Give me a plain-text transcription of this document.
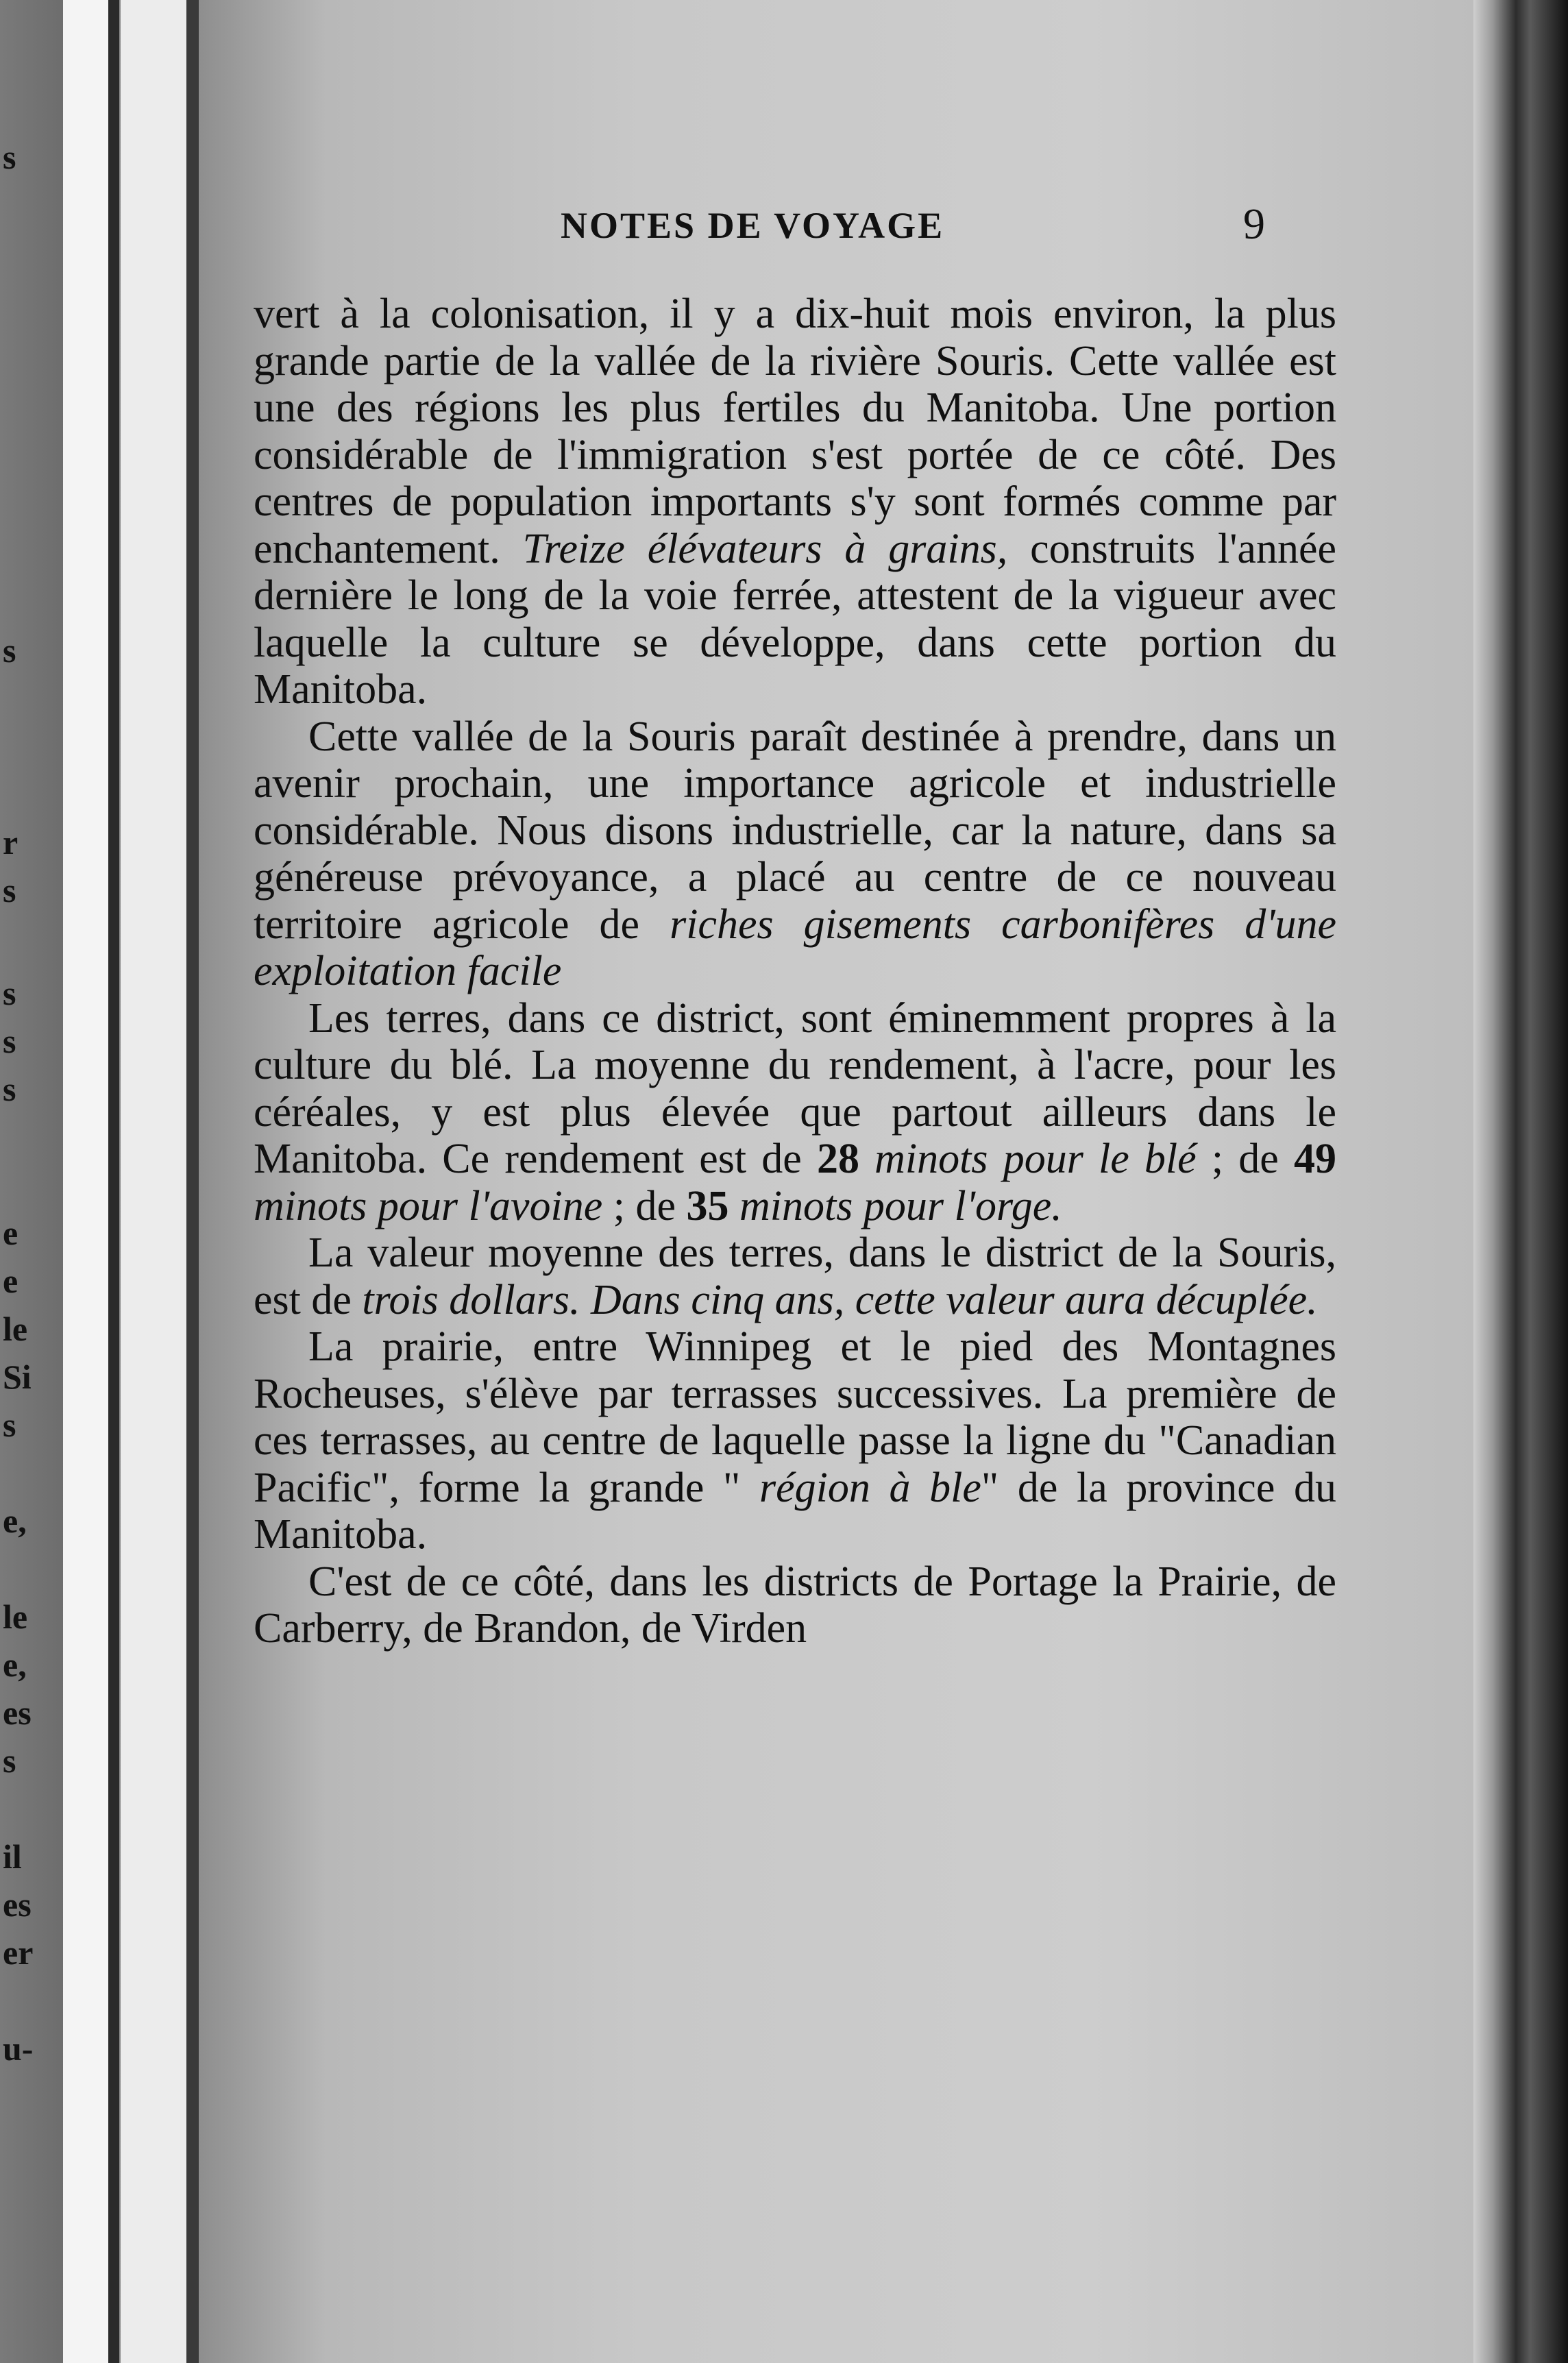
s
s
r
s
s
s
s
e
e
le
Si
s
e,
le
e,
es
s
il
es
er
u-
NOTES DE VOYAGE	9

vert à la colonisation, il y a dix-huit mois environ, la plus grande partie de la vallée de la rivière Souris. Cette vallée est une des régions les plus fertiles du Manitoba. Une portion considérable de l'immigration s'est portée de ce côté. Des centres de population importants s'y sont formés comme par enchantement. Treize élévateurs à grains, construits l'année dernière le long de la voie ferrée, attestent de la vigueur avec laquelle la culture se développe, dans cette portion du Manitoba.

Cette vallée de la Souris paraît destinée à prendre, dans un avenir prochain, une importance agricole et industrielle considérable. Nous disons industrielle, car la nature, dans sa généreuse prévoyance, a placé au centre de ce nouveau territoire agricole de riches gisements carbonifères d'une exploitation facile

Les terres, dans ce district, sont éminemment propres à la culture du blé. La moyenne du rendement, à l'acre, pour les céréales, y est plus élevée que partout ailleurs dans le Manitoba. Ce rendement est de 28 minots pour le blé ; de 49 minots pour l'avoine ; de 35 minots pour l'orge.

La valeur moyenne des terres, dans le district de la Souris, est de trois dollars. Dans cinq ans, cette valeur aura décuplée.

La prairie, entre Winnipeg et le pied des Montagnes Rocheuses, s'élève par terrasses successives. La première de ces terrasses, au centre de laquelle passe la ligne du "Canadian Pacific", forme la grande " région à ble" de la province du Manitoba.

C'est de ce côté, dans les districts de Portage la Prairie, de Carberry, de Brandon, de Virden
